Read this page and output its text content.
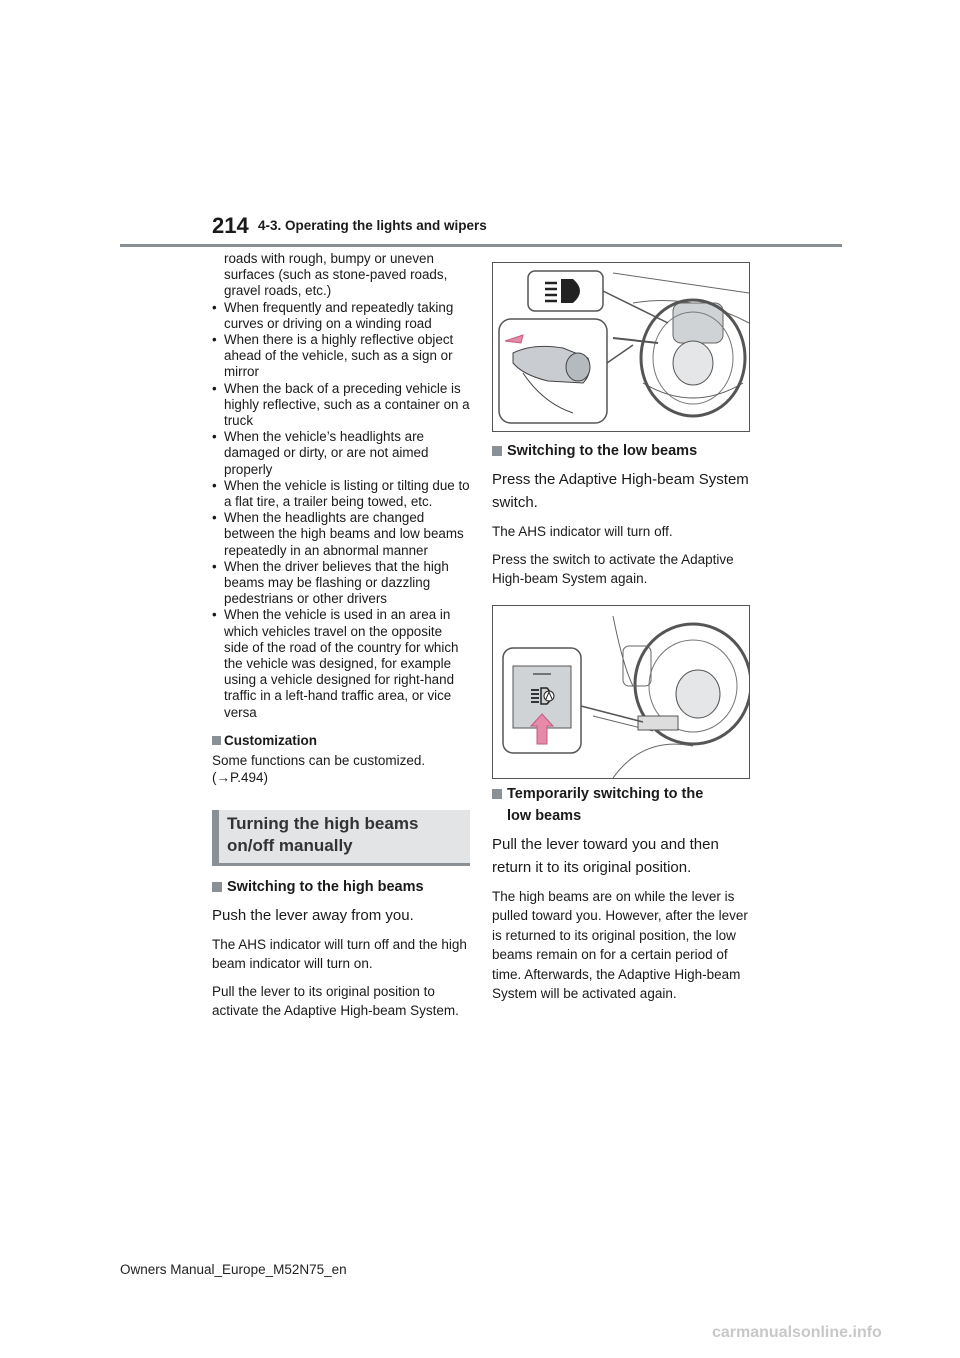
214 4-3. Operating the lights and wipers
roads with rough, bumpy or uneven surfaces (such as stone-paved roads, gravel roads, etc.)
• When frequently and repeatedly taking curves or driving on a winding road
• When there is a highly reflective object ahead of the vehicle, such as a sign or mirror
• When the back of a preceding vehicle is highly reflective, such as a container on a truck
• When the vehicle’s headlights are damaged or dirty, or are not aimed properly
• When the vehicle is listing or tilting due to a flat tire, a trailer being towed, etc.
• When the headlights are changed between the high beams and low beams repeatedly in an abnormal manner
• When the driver believes that the high beams may be flashing or dazzling pedestrians or other drivers
• When the vehicle is used in an area in which vehicles travel on the opposite side of the road of the country for which the vehicle was designed, for example using a vehicle designed for right-hand traffic in a left-hand traffic area, or vice versa
Customization

Some functions can be customized. (→P.494)

Turning the high beams
on/off manually
Switching to the high beams

Push the lever away from you.

The AHS indicator will turn off and the high beam indicator will turn on.

Pull the lever to its original position to activate the Adaptive High-beam System.

Switching to the low beams

Press the Adaptive High-beam System switch.

The AHS indicator will turn off.

Press the switch to activate the Adaptive High-beam System again.

Temporarily switching to the
low beams

Pull the lever toward you and then return it to its original position.

The high beams are on while the lever is pulled toward you. However, after the lever is returned to its original position, the low beams remain on for a certain period of time. Afterwards, the Adaptive High-beam System will be activated again.

Owners Manual_Europe_M52N75_en
carmanualsonline.info
